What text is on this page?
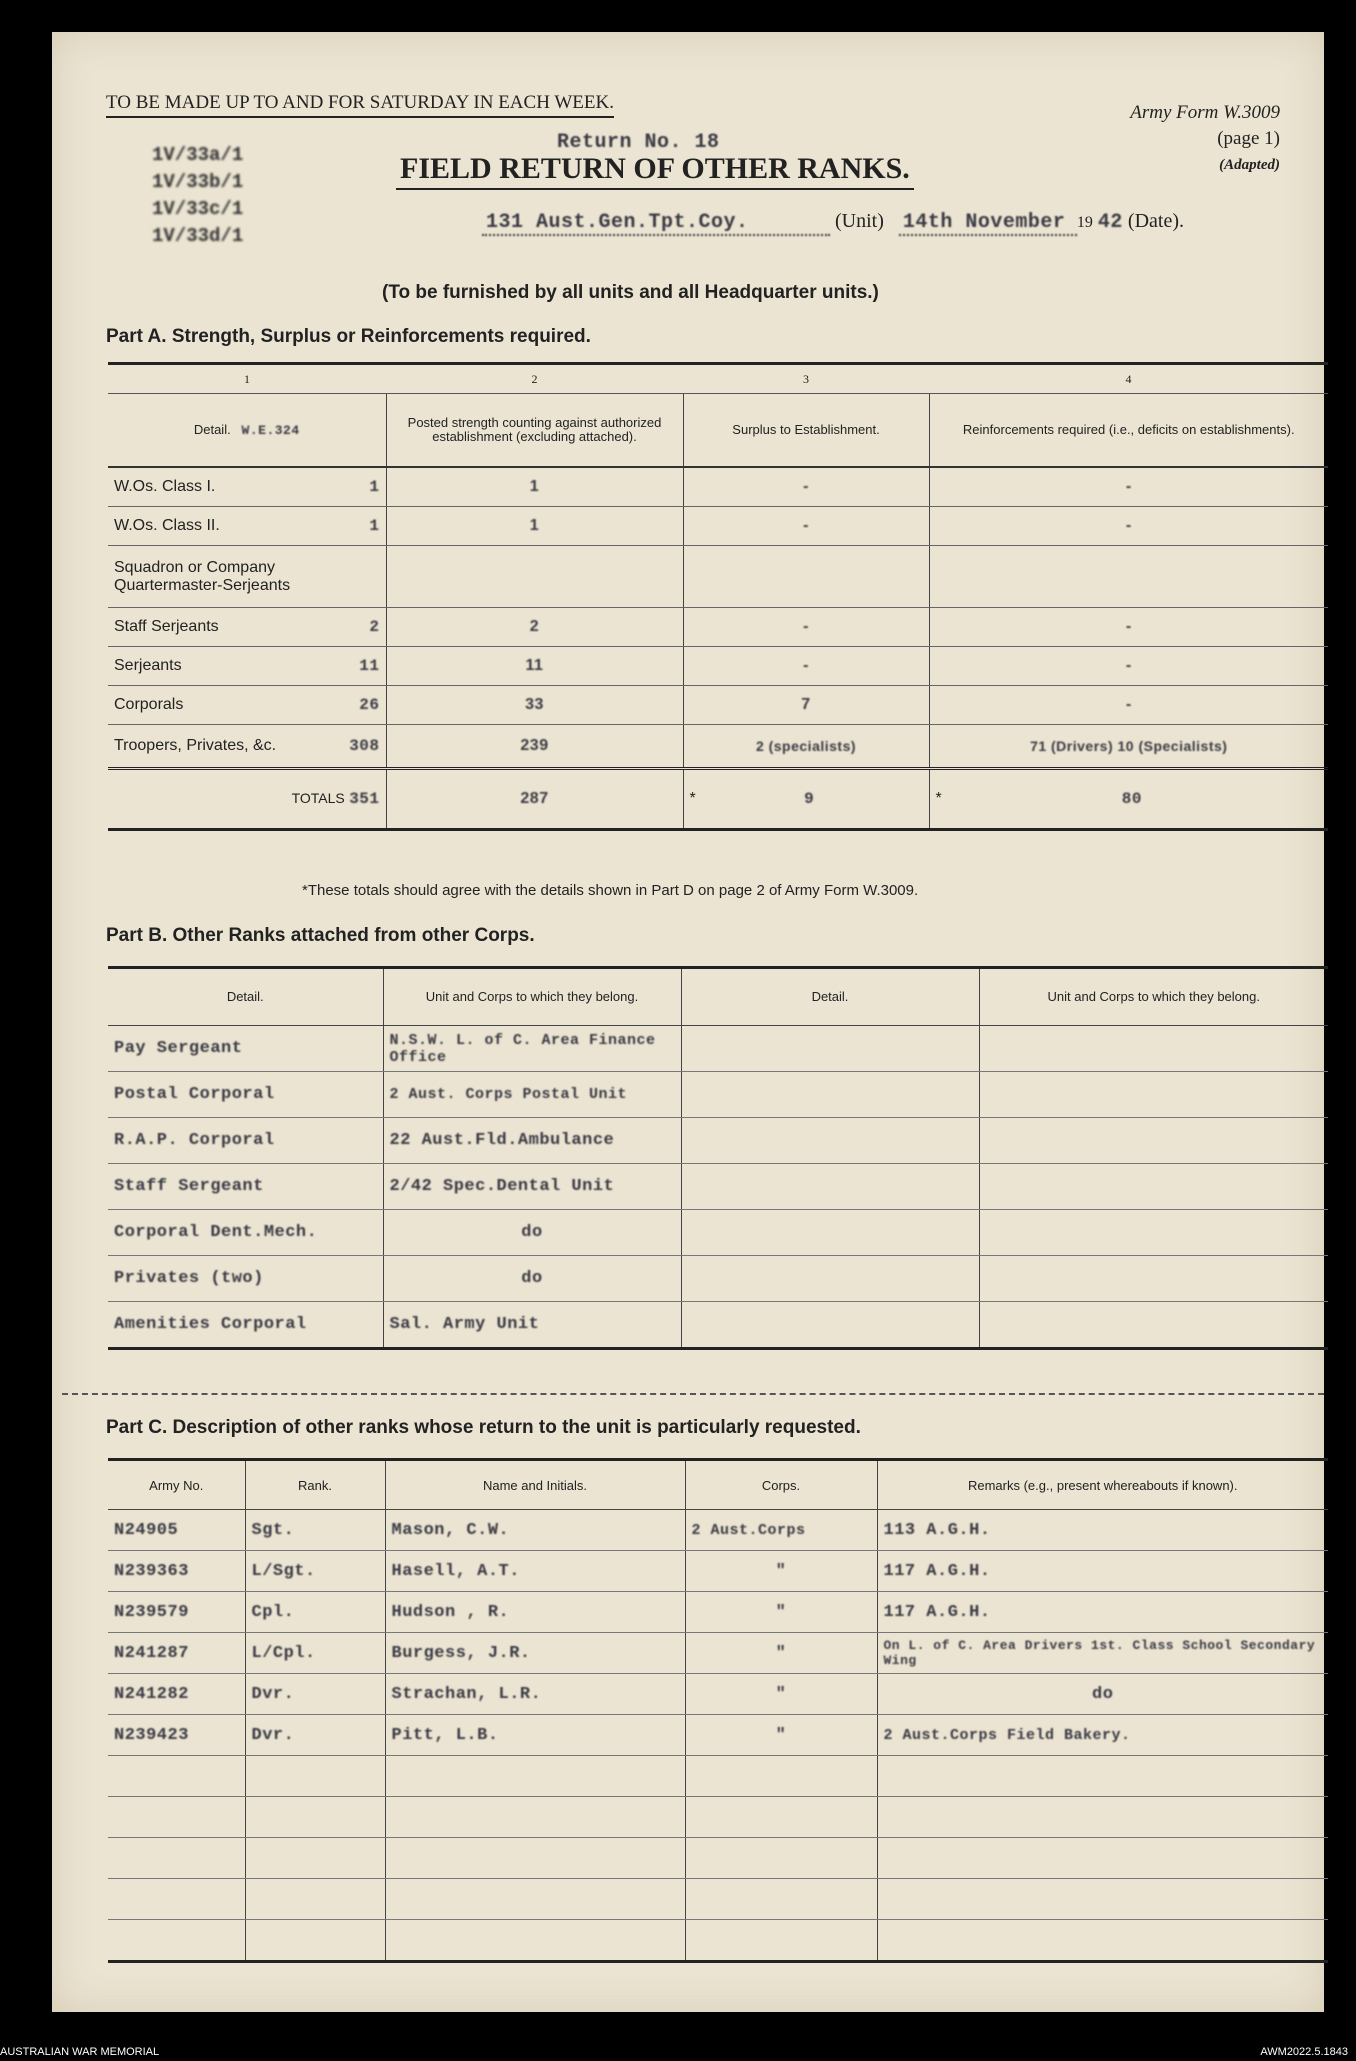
TO BE MADE UP TO AND FOR SATURDAY IN EACH WEEK.	Army Form W.3009
(page 1)
(Adapted)
1V/33a/1
1V/33b/1
1V/33c/1
1V/33d/1
Return No. 18
FIELD RETURN OF OTHER RANKS.
131 Aust.Gen.Tpt.Coy.	(Unit) 14th November 19 42 (Date).
(To be furnished by all units and all Headquarter units.)
Part A. Strength, Surplus or Reinforcements required.
1	2	3	4
Detail. W.E.324	Posted strength counting against authorized establishment (excluding attached).	Surplus to Establishment.	Reinforcements required (i.e., deficits on establishments).
W.Os. Class I. 1	1	-	-
W.Os. Class II. 1	1	-	-
Squadron or Company Quartermaster-Serjeants			
Staff Serjeants 2	2	-	-
Serjeants 11	11	-	-
Corporals 26	33	7	-
Troopers, Privates, &c. 308	239	2 (specialists)	71 (Drivers) 10 (Specialists)
TOTALS 351	287	* 9	* 80
*These totals should agree with the details shown in Part D on page 2 of Army Form W.3009.
Part B. Other Ranks attached from other Corps.
Detail.	Unit and Corps to which they belong.	Detail.	Unit and Corps to which they belong.
Pay Sergeant	N.S.W. L. of C. Area Finance Office		
Postal Corporal	2 Aust. Corps Postal Unit		
R.A.P. Corporal	22 Aust.Fld.Ambulance		
Staff Sergeant	2/42 Spec.Dental Unit		
Corporal Dent.Mech.	do		
Privates (two)	do		
Amenities Corporal	Sal. Army Unit		
Part C. Description of other ranks whose return to the unit is particularly requested.
Army No.	Rank.	Name and Initials.	Corps.	Remarks (e.g., present whereabouts if known).
N24905	Sgt.	Mason, C.W.	2 Aust.Corps	113 A.G.H.
N239363	L/Sgt.	Hasell, A.T.	"	117 A.G.H.
N239579	Cpl.	Hudson , R.	"	117 A.G.H.
N241287	L/Cpl.	Burgess, J.R.	"	On L. of C. Area Drivers 1st. Class School Secondary Wing
N241282	Dvr.	Strachan, L.R.	"	do
N239423	Dvr.	Pitt, L.B.	"	2 Aust.Corps Field Bakery.

AUSTRALIAN WAR MEMORIAL	AWM2022.5.1843
